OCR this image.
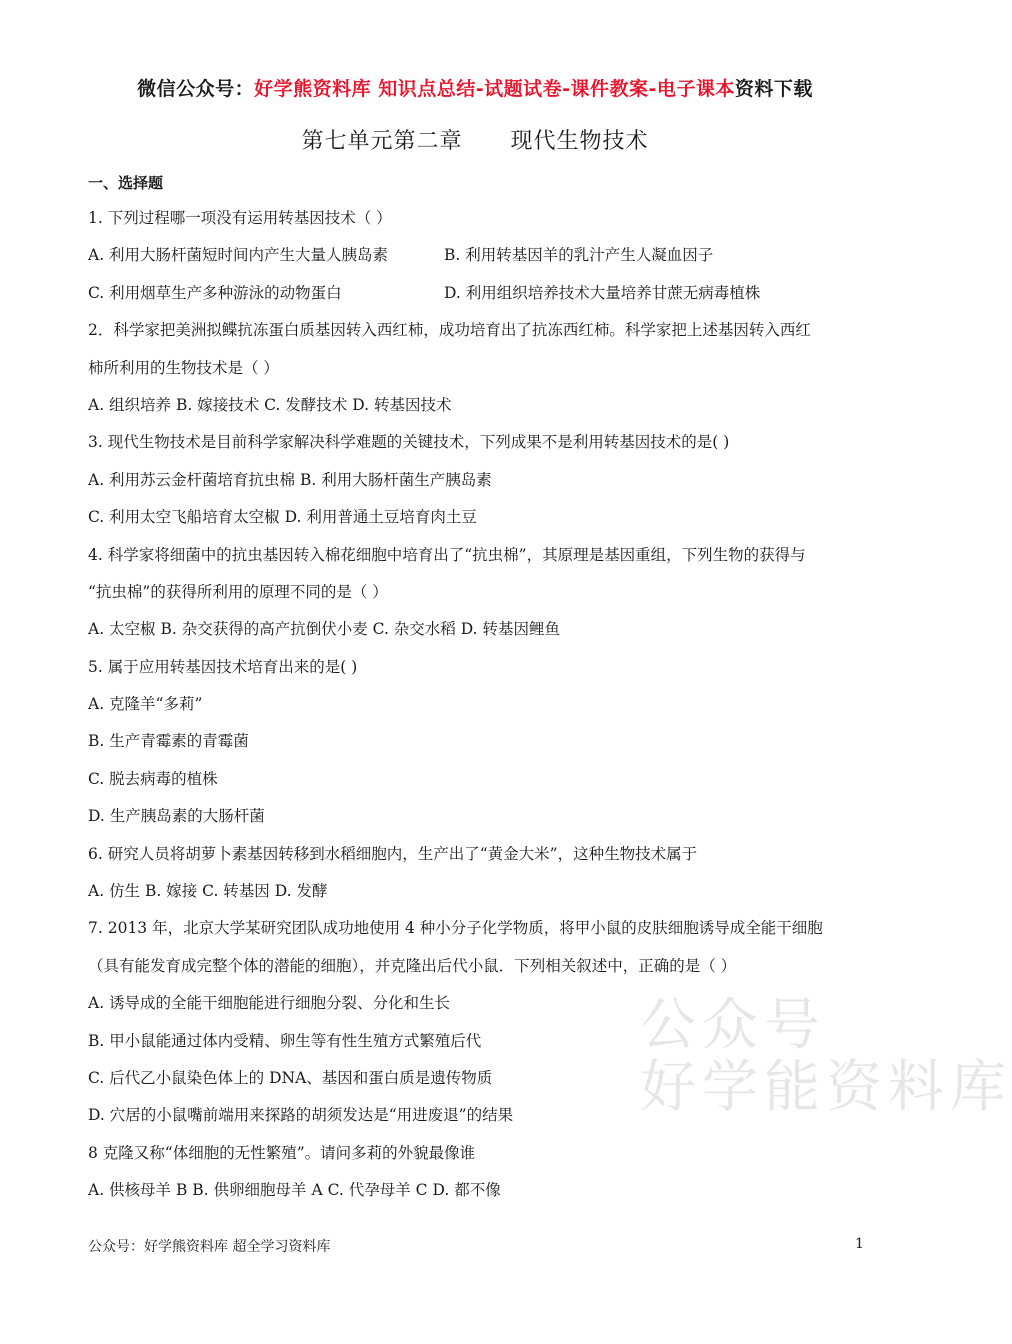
微信公众号：好学熊资料库 知识点总结-试题试卷-课件教案-电子课本资料下载
第七单元第二章      现代生物技术
一、选择题
公众号
好学能资料库
1. 下列过程哪一项没有运用转基因技术（ ）
A. 利用大肠杆菌短时间内产生大量人胰岛素	B. 利用转基因羊的乳汁产生人凝血因子
C. 利用烟草生产多种游泳的动物蛋白	D. 利用组织培养技术大量培养甘蔗无病毒植株
2．科学家把美洲拟鲽抗冻蛋白质基因转入西红柿，成功培育出了抗冻西红柿。科学家把上述基因转入西红
柿所利用的生物技术是（ ）
A. 组织培养 B. 嫁接技术 C. 发酵技术 D. 转基因技术
3. 现代生物技术是目前科学家解决科学难题的关键技术，下列成果不是利用转基因技术的是( )
A. 利用苏云金杆菌培育抗虫棉 B. 利用大肠杆菌生产胰岛素
C. 利用太空飞船培育太空椒 D. 利用普通土豆培育肉土豆
4. 科学家将细菌中的抗虫基因转入棉花细胞中培育出了“抗虫棉”，其原理是基因重组，下列生物的获得与
“抗虫棉”的获得所利用的原理不同的是（ ）
A. 太空椒 B. 杂交获得的高产抗倒伏小麦 C. 杂交水稻 D. 转基因鲤鱼
5. 属于应用转基因技术培育出来的是( )
A. 克隆羊“多莉”
B. 生产青霉素的青霉菌
C. 脱去病毒的植株
D. 生产胰岛素的大肠杆菌
6. 研究人员将胡萝卜素基因转移到水稻细胞内，生产出了“黄金大米”，这种生物技术属于
A. 仿生 B. 嫁接 C. 转基因 D. 发酵
7. 2013 年，北京大学某研究团队成功地使用 4 种小分子化学物质，将甲小鼠的皮肤细胞诱导成全能干细胞
（具有能发育成完整个体的潜能的细胞），并克隆出后代小鼠．下列相关叙述中，正确的是（ ）
A. 诱导成的全能干细胞能进行细胞分裂、分化和生长
B. 甲小鼠能通过体内受精、卵生等有性生殖方式繁殖后代
C. 后代乙小鼠染色体上的 DNA、基因和蛋白质是遗传物质
D. 穴居的小鼠嘴前端用来探路的胡须发达是“用进废退”的结果
8 克隆又称“体细胞的无性繁殖”。请问多莉的外貌最像谁
A. 供核母羊 B B. 供卵细胞母羊 A C. 代孕母羊 C D. 都不像
公众号：好学熊资料库 超全学习资料库	1
